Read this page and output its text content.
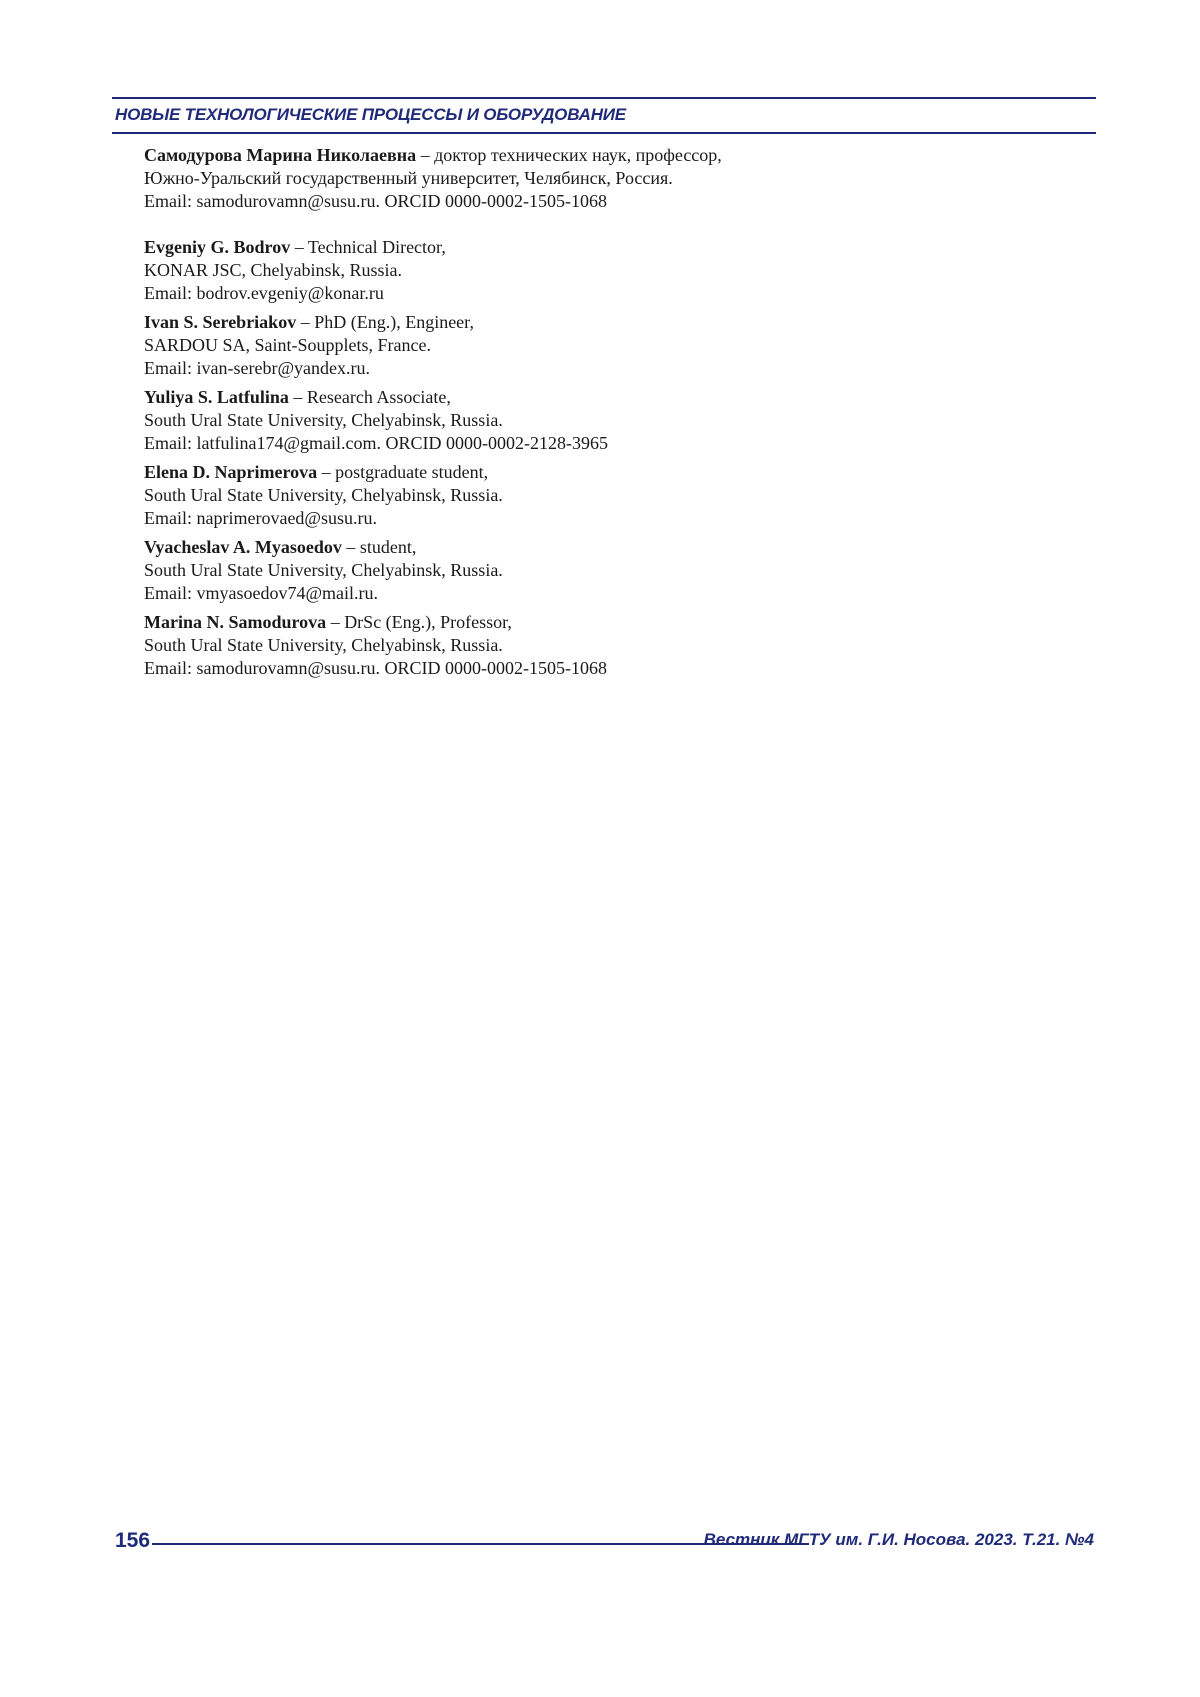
НОВЫЕ ТЕХНОЛОГИЧЕСКИЕ ПРОЦЕССЫ И ОБОРУДОВАНИЕ
Самодурова Марина Николаевна – доктор технических наук, профессор,
Южно-Уральский государственный университет, Челябинск, Россия.
Email: samodurovamn@susu.ru. ORCID 0000-0002-1505-1068
Evgeniy G. Bodrov – Technical Director,
KONAR JSC, Chelyabinsk, Russia.
Email: bodrov.evgeniy@konar.ru
Ivan S. Serebriakov – PhD (Eng.), Engineer,
SARDOU SA, Saint-Soupplets, France.
Email: ivan-serebr@yandex.ru.
Yuliya S. Latfulina – Research Associate,
South Ural State University, Chelyabinsk, Russia.
Email: latfulina174@gmail.com. ORCID 0000-0002-2128-3965
Elena D. Naprimerova – postgraduate student,
South Ural State University, Chelyabinsk, Russia.
Email: naprimerovaed@susu.ru.
Vyacheslav A. Myasoedov – student,
South Ural State University, Chelyabinsk, Russia.
Email: vmyasoedov74@mail.ru.
Marina N. Samodurova – DrSc (Eng.), Professor,
South Ural State University, Chelyabinsk, Russia.
Email: samodurovamn@susu.ru. ORCID 0000-0002-1505-1068
156	Вестник МГТУ им. Г.И. Носова. 2023. Т.21. №4
